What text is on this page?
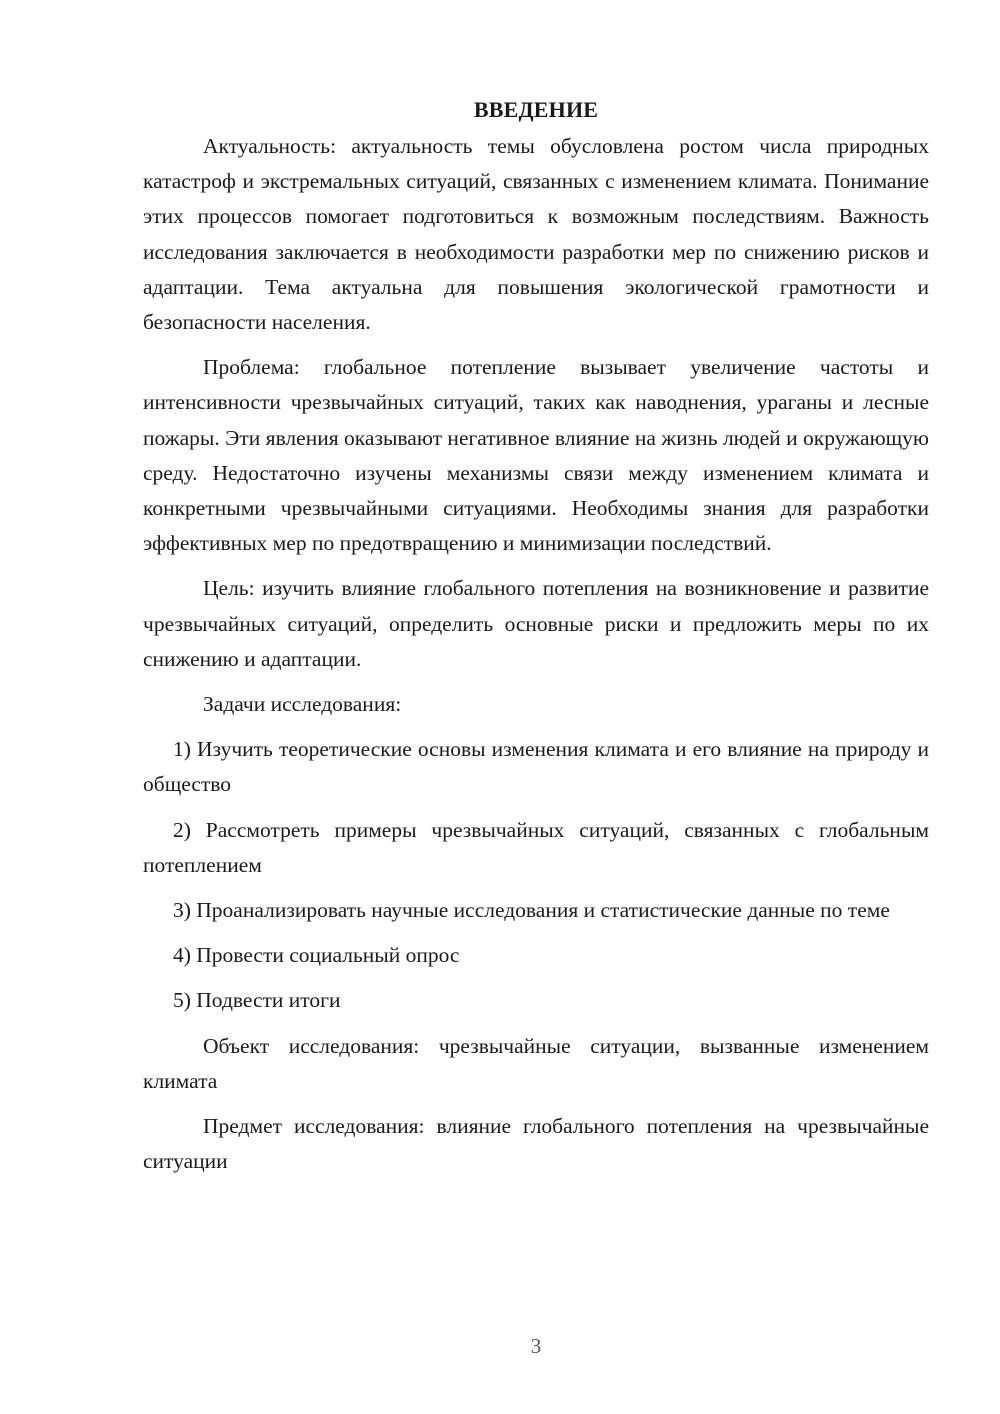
ВВЕДЕНИЕ

Актуальность: актуальность темы обусловлена ростом числа природных катастроф и экстремальных ситуаций, связанных с изменением климата. Понимание этих процессов помогает подготовиться к возможным последствиям. Важность исследования заключается в необходимости разработки мер по снижению рисков и адаптации. Тема актуальна для повышения экологической грамотности и безопасности населения.

Проблема: глобальное потепление вызывает увеличение частоты и интенсивности чрезвычайных ситуаций, таких как наводнения, ураганы и лесные пожары. Эти явления оказывают негативное влияние на жизнь людей и окружающую среду. Недостаточно изучены механизмы связи между изменением климата и конкретными чрезвычайными ситуациями. Необходимы знания для разработки эффективных мер по предотвращению и минимизации последствий.

Цель: изучить влияние глобального потепления на возникновение и развитие чрезвычайных ситуаций, определить основные риски и предложить меры по их снижению и адаптации.

Задачи исследования:

1) Изучить теоретические основы изменения климата и его влияние на природу и общество

2) Рассмотреть примеры чрезвычайных ситуаций, связанных с глобальным потеплением

3) Проанализировать научные исследования и статистические данные по теме

4) Провести социальный опрос

5) Подвести итоги

Объект исследования: чрезвычайные ситуации, вызванные изменением климата

Предмет исследования: влияние глобального потепления на чрезвычайные ситуации

3
